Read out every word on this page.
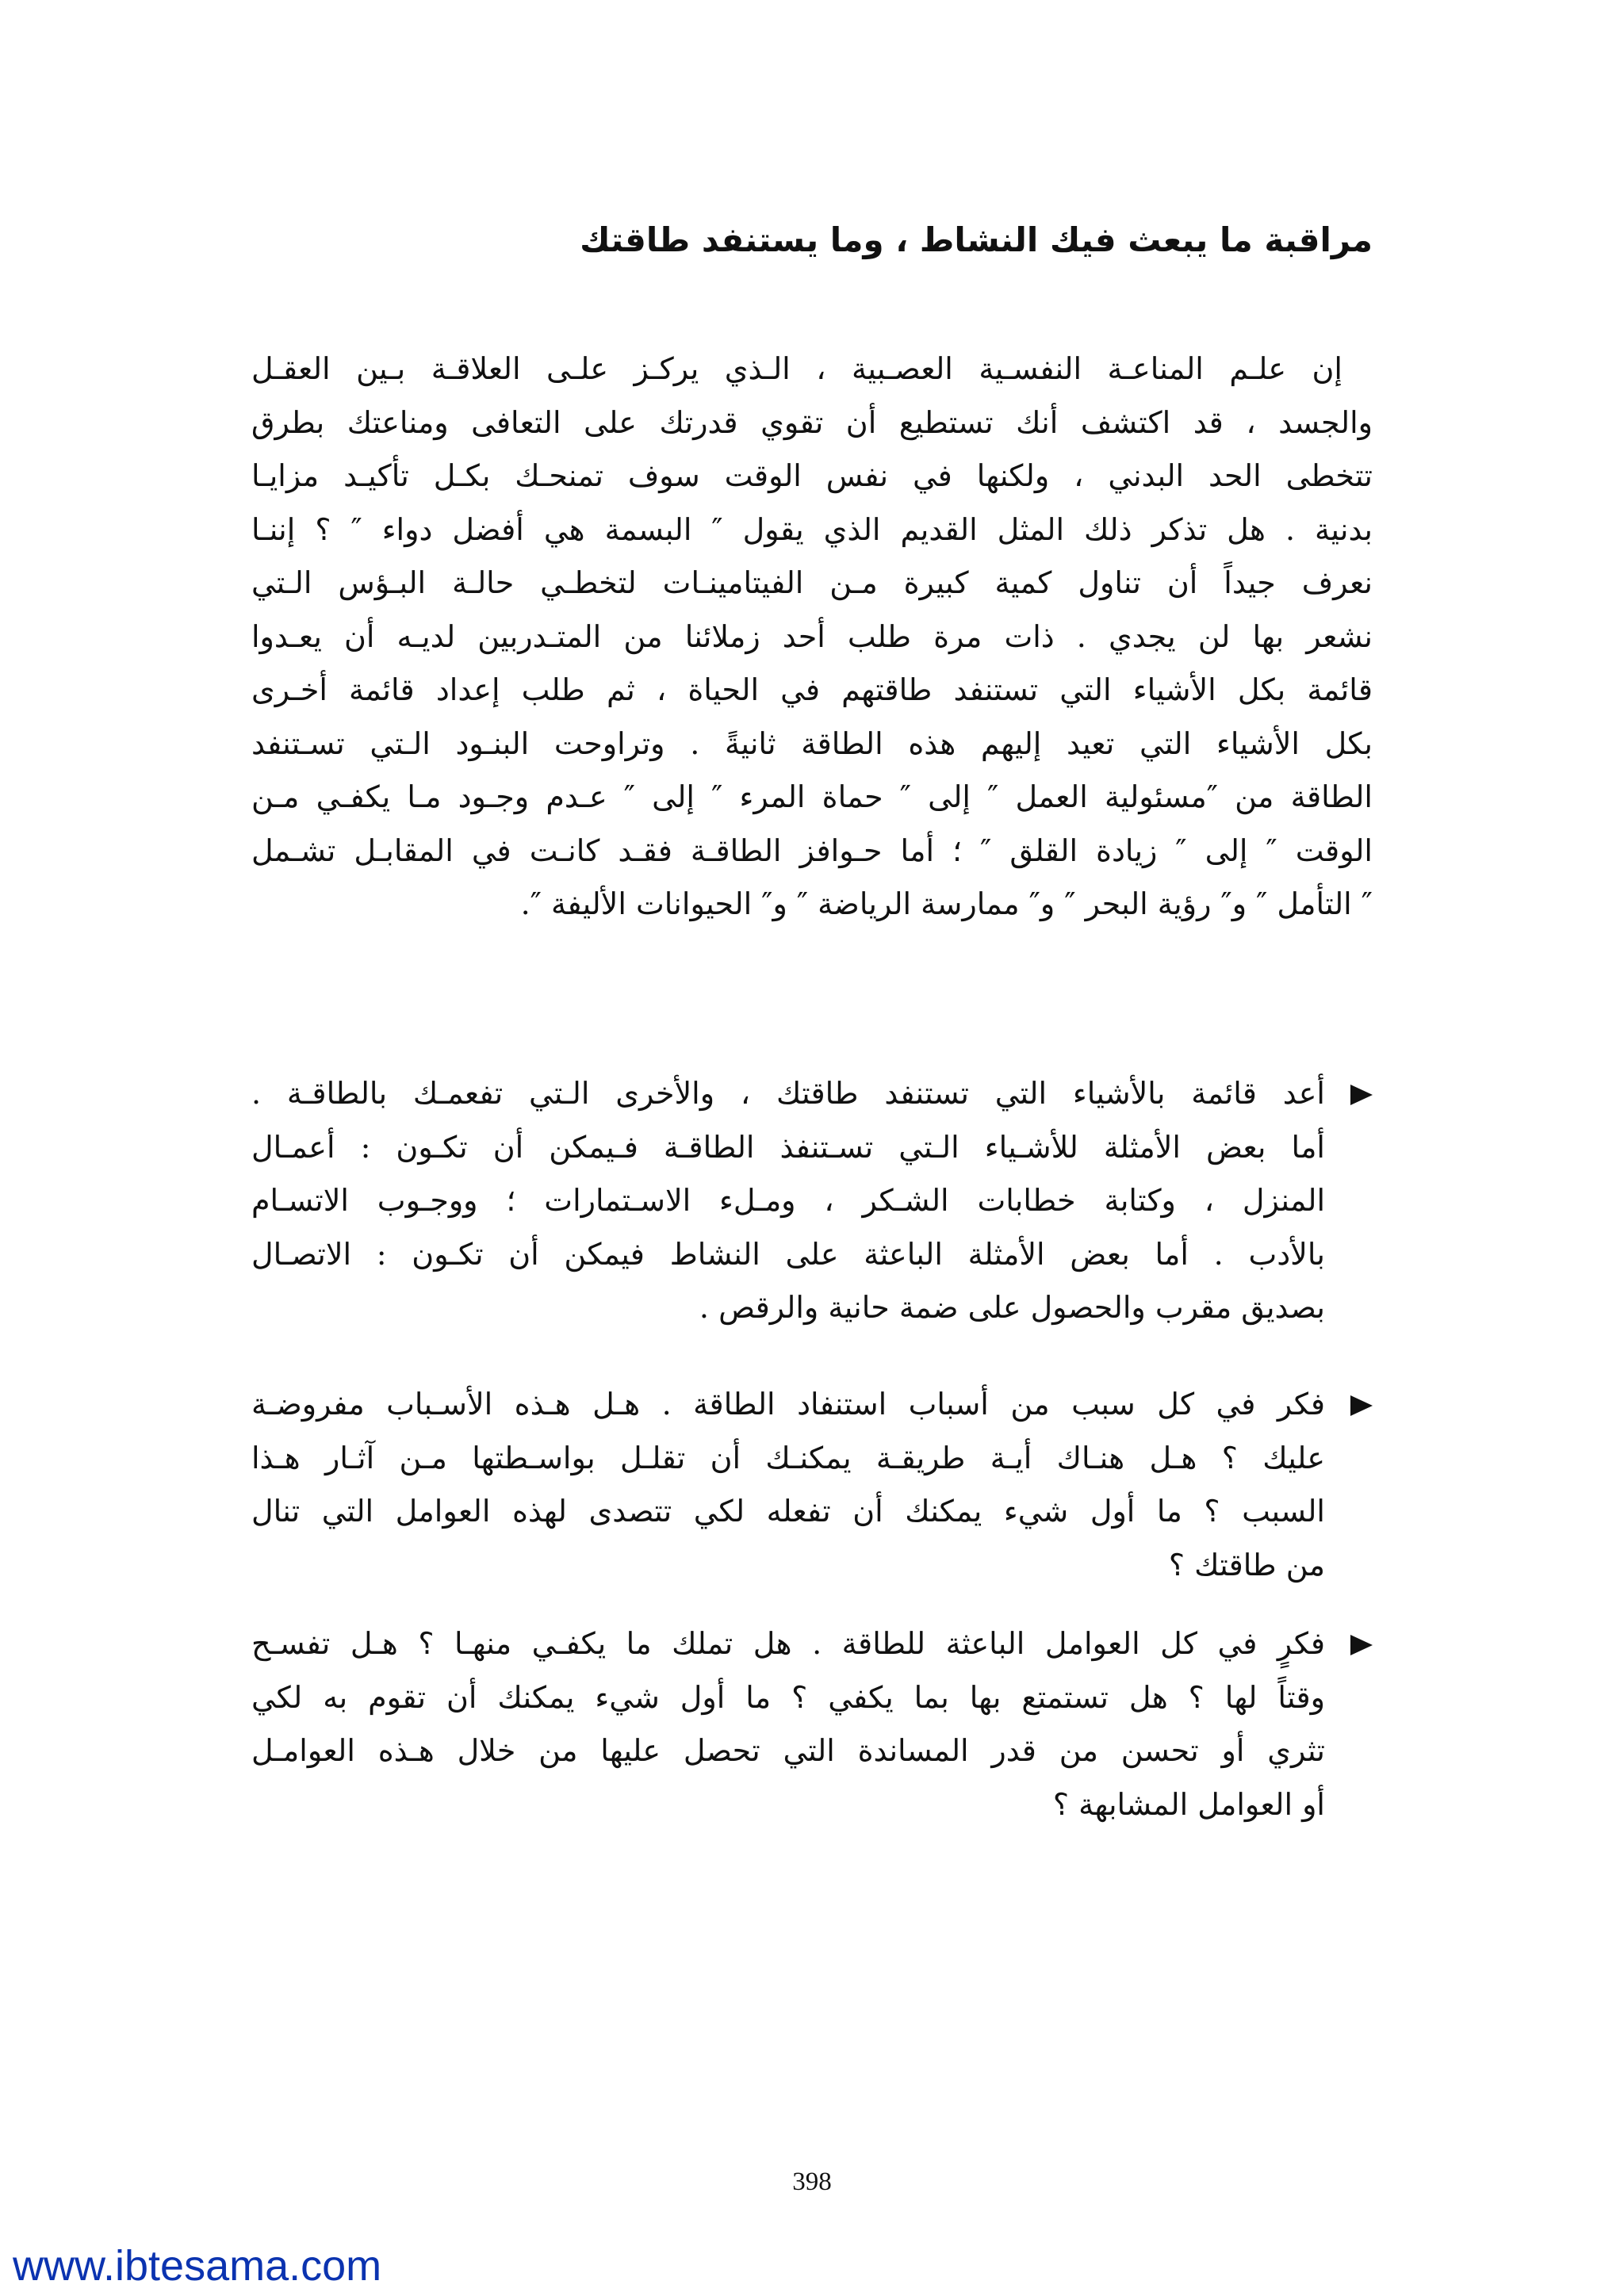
مراقبة ما يبعث فيك النشاط ، وما يستنفد طاقتك
إن علـم المناعـة النفسـية العصـبية ، الـذي يركـز علـى العلاقـة بـين العقـل
والجسد ، قد اكتشف أنك تستطيع أن تقوي قدرتك على التعافى ومناعتك بطرق
تتخطى الحد البدني ، ولكنها في نفس الوقت سوف تمنحـك بكـل تأكيـد مزايـا
بدنية . هل تذكر ذلك المثل القديم الذي يقول ″ البسمة هي أفضل دواء ″ ؟ إننـا
نعرف جيداً أن تناول كمية كبيرة مـن الفيتامينـات لتخطـي حالـة البـؤس الـتي
نشعر بها لن يجدي . ذات مرة طلب أحد زملائنا من المتـدربين لديـه أن يعـدوا
قائمة بكل الأشياء التي تستنفد طاقتهم في الحياة ، ثم طلب إعداد قائمة أخـرى
بكل الأشياء التي تعيد إليهم هذه الطاقة ثانيةً . وتراوحت البنـود الـتي تسـتنفد
الطاقة من ″مسئولية العمل ″ إلى ″ حماة المرء ″ إلى ″ عـدم وجـود مـا يكفـي مـن
الوقت ″ إلى ″ زيادة القلق ″ ؛ أما حـوافز الطاقـة فقـد كانـت في المقابـل تشـمل
″ التأمل ″ و″ رؤية البحر ″ و″ ممارسة الرياضة ″ و″ الحيوانات الأليفة ″.
أعد قائمة بالأشياء التي تستنفد طاقتك ، والأخرى الـتي تفعمـك بالطاقـة .
أما بعض الأمثلة للأشـياء الـتي تسـتنفذ الطاقـة فـيمكن أن تكـون : أعمـال
المنزل ، وكتابة خطابات الشـكر ، ومـلء الاسـتمارات ؛ ووجـوب الاتسـام
بالأدب . أما بعض الأمثلة الباعثة على النشاط فيمكن أن تكـون : الاتصـال
بصديق مقرب والحصول على ضمة حانية والرقص .
فكر في كل سبب من أسباب استنفاد الطاقة . هـل هـذه الأسـباب مفروضـة
عليك ؟ هـل هنـاك أيـة طريقـة يمكنـك أن تقلـل بواسـطتها مـن آثـار هـذا
السبب ؟ ما أول شيء يمكنك أن تفعله لكي تتصدى لهذه العوامل التي تنال
من طاقتك ؟
فكرٍ في كل العوامل الباعثة للطاقة . هل تملك ما يكفـي منهـا ؟ هـل تفسـح
وقتاً لها ؟ هل تستمتع بها بما يكفي ؟ ما أول شيء يمكنك أن تقوم به لكي
تثري أو تحسن من قدر المساندة التي تحصل عليها من خلال هـذه العوامـل
أو العوامل المشابهة ؟

398

www.ibtesama.com
